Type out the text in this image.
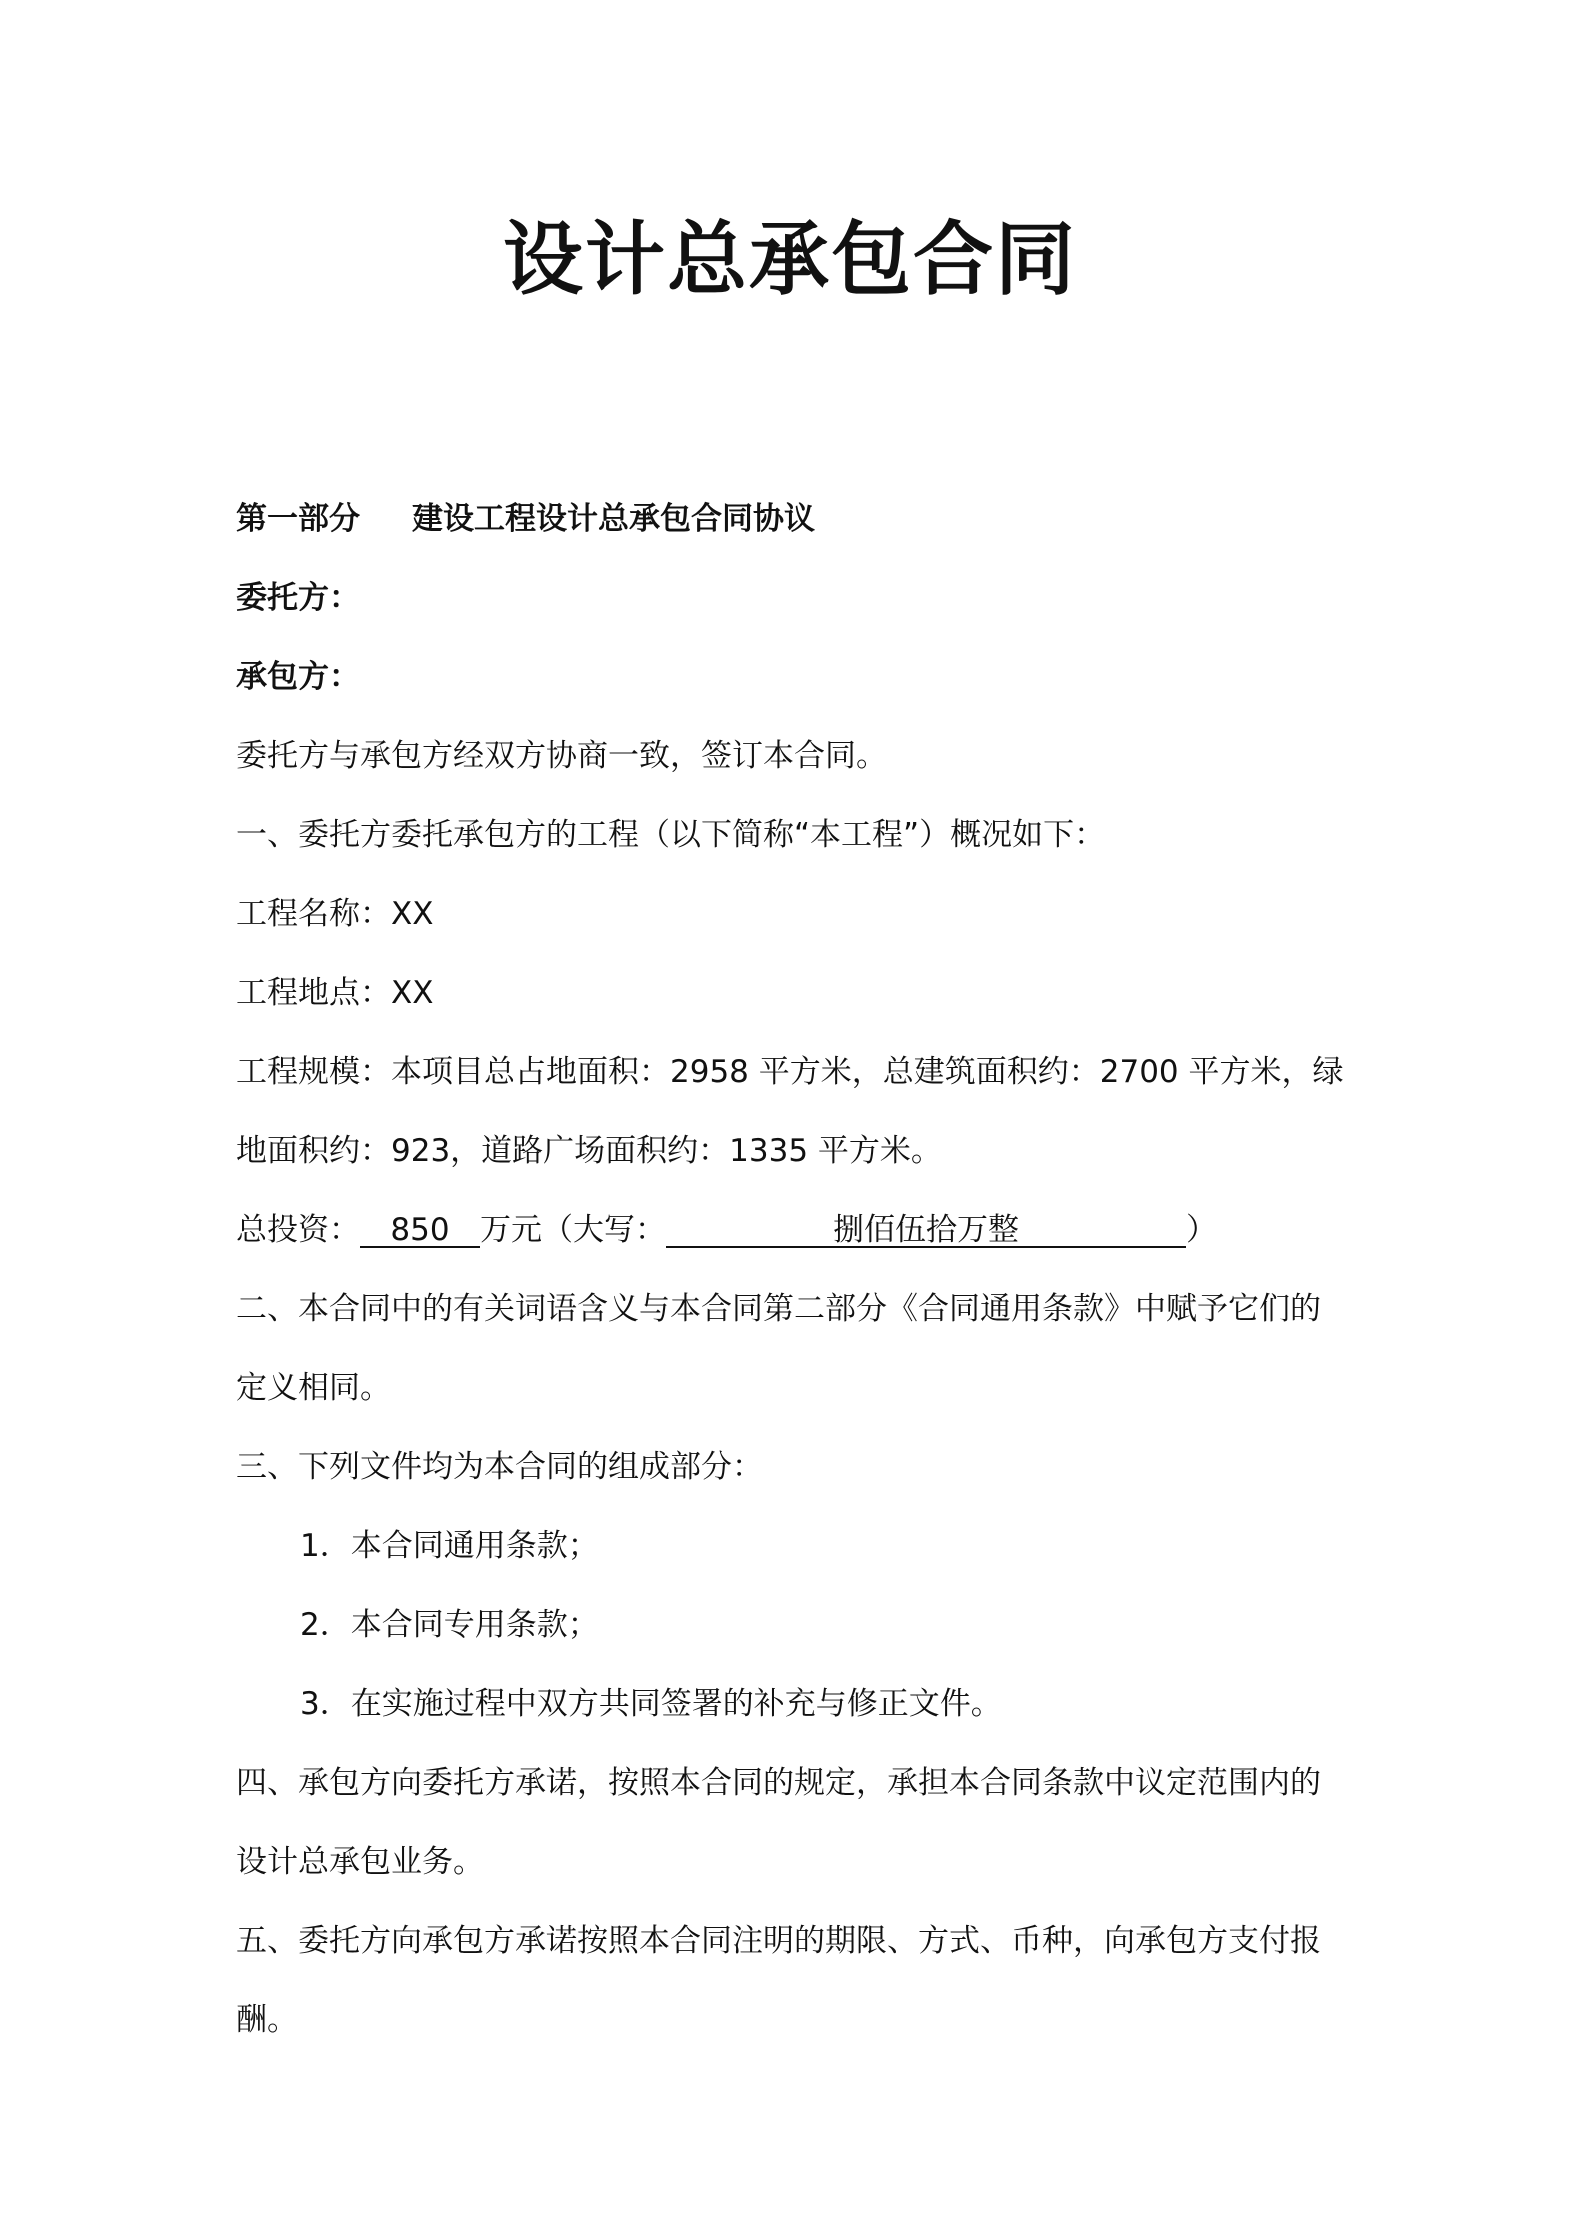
设计总承包合同
第一部分 建设工程设计总承包合同协议
委托方：
承包方：
委托方与承包方经双方协商一致，签订本合同。
一、委托方委托承包方的工程（以下简称“本工程”）概况如下：
工程名称：XX
工程地点：XX
工程规模：本项目总占地面积：2958 平方米，总建筑面积约：2700 平方米，绿
地面积约：923，道路广场面积约：1335 平方米。
总投资： 850 万元（大写：	捌佰伍拾万整	）
二、本合同中的有关词语含义与本合同第二部分《合同通用条款》中赋予它们的
定义相同。
三、下列文件均为本合同的组成部分：
1．本合同通用条款；
2．本合同专用条款；
3．在实施过程中双方共同签署的补充与修正文件。
四、承包方向委托方承诺，按照本合同的规定，承担本合同条款中议定范围内的
设计总承包业务。
五、委托方向承包方承诺按照本合同注明的期限、方式、币种，向承包方支付报
酬。
